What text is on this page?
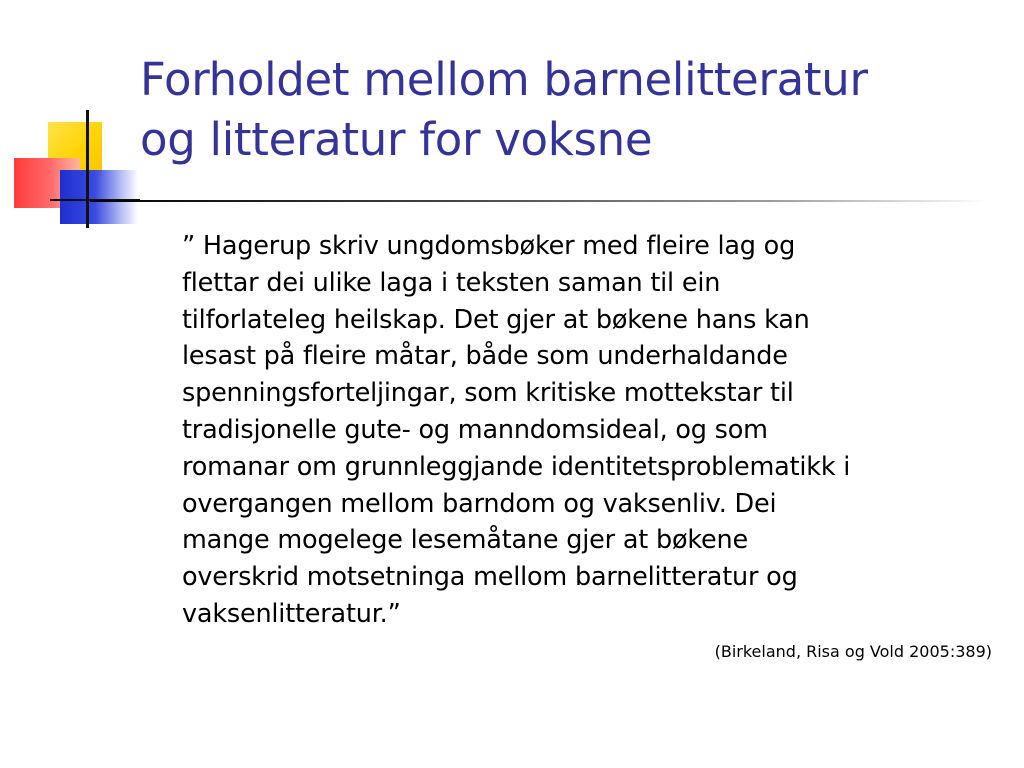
Forholdet mellom barnelitteratur
og litteratur for voksne

” Hagerup skriv ungdomsbøker med fleire lag og
flettar dei ulike laga i teksten saman til ein
tilforlateleg heilskap. Det gjer at bøkene hans kan
lesast på fleire måtar, både som underhaldande
spenningsforteljingar, som kritiske mottekstar til
tradisjonelle gute- og manndomsideal, og som
romanar om grunnleggjande identitetsproblematikk i
overgangen mellom barndom og vaksenliv. Dei
mange mogelege lesemåtane gjer at bøkene
overskrid motsetninga mellom barnelitteratur og
vaksenlitteratur.”

(Birkeland, Risa og Vold 2005:389)
